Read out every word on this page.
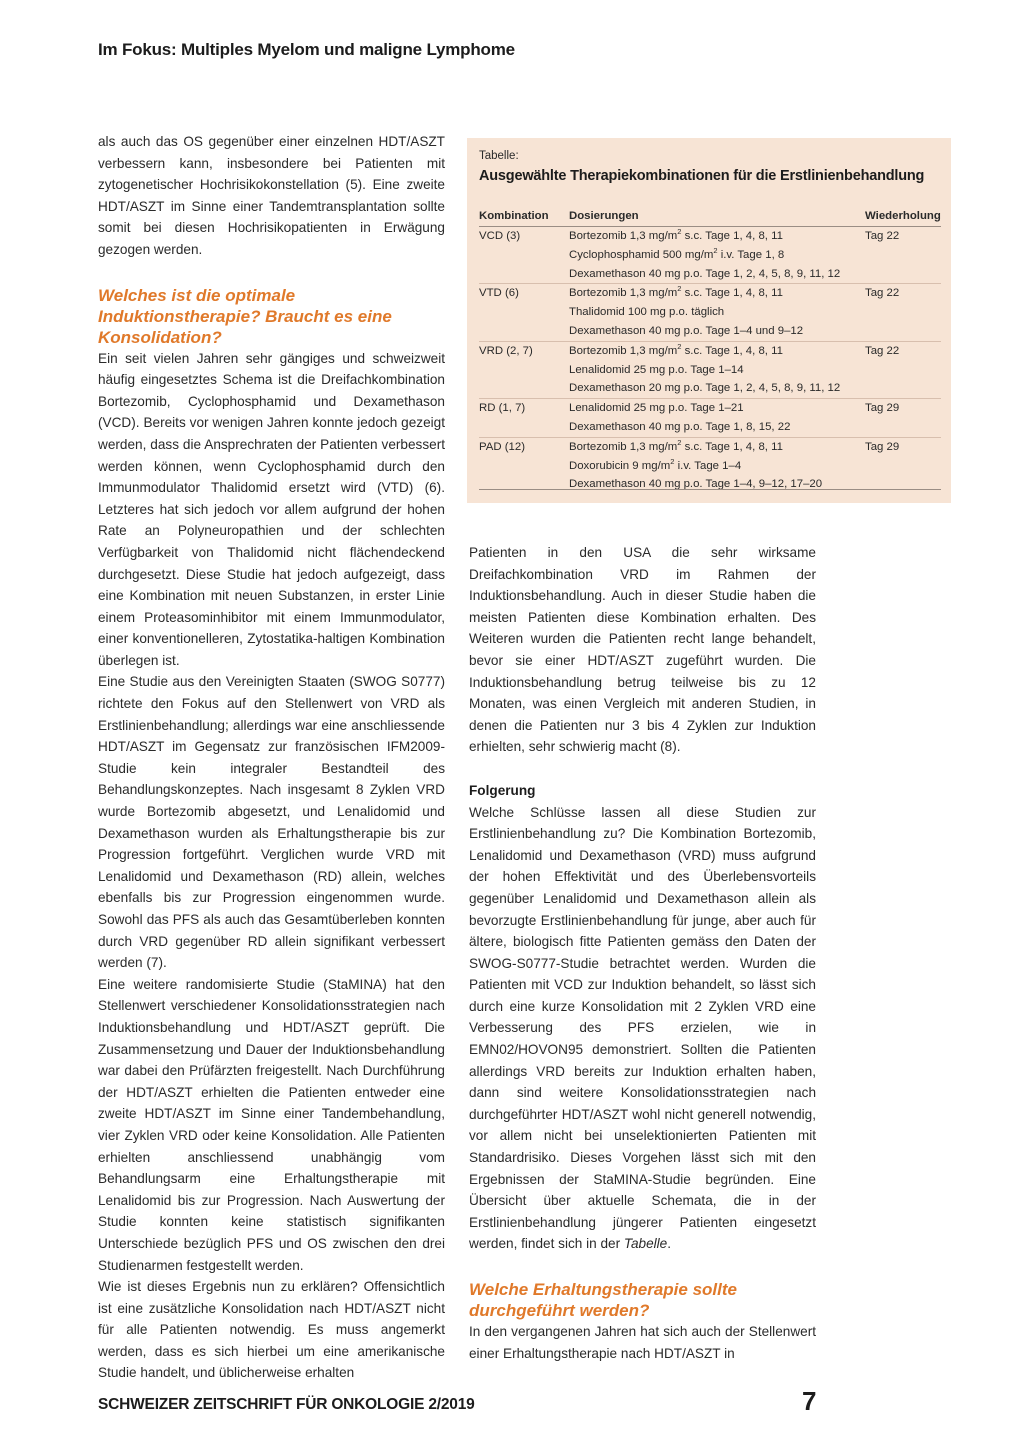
Im Fokus: Multiples Myelom und maligne Lymphome

als auch das OS gegenüber einer einzelnen HDT/ASZT verbessern kann, insbesondere bei Patienten mit zytogenetischer Hochrisikokonstellation (5). Eine zweite HDT/ASZT im Sinne einer Tandemtransplantation sollte somit bei diesen Hochrisikopatienten in Erwägung gezogen werden.

Welches ist die optimale Induktionstherapie? Braucht es eine Konsolidation?

Ein seit vielen Jahren sehr gängiges und schweizweit häufig eingesetztes Schema ist die Dreifachkombination Bortezomib, Cyclophosphamid und Dexamethason (VCD). Bereits vor wenigen Jahren konnte jedoch gezeigt werden, dass die Ansprechraten der Patienten verbessert werden können, wenn Cyclophosphamid durch den Immunmodulator Thalidomid ersetzt wird (VTD) (6). Letzteres hat sich jedoch vor allem aufgrund der hohen Rate an Polyneuropathien und der schlechten Verfügbarkeit von Thalidomid nicht flächendeckend durchgesetzt. Diese Studie hat jedoch aufgezeigt, dass eine Kombination mit neuen Substanzen, in erster Linie einem Proteasominhibitor mit einem Immunmodulator, einer konventionelleren, Zytostatika-haltigen Kombination überlegen ist.

Eine Studie aus den Vereinigten Staaten (SWOG S0777) richtete den Fokus auf den Stellenwert von VRD als Erstlinienbehandlung; allerdings war eine anschliessende HDT/ASZT im Gegensatz zur französischen IFM2009-Studie kein integraler Bestandteil des Behandlungskonzeptes. Nach insgesamt 8 Zyklen VRD wurde Bortezomib abgesetzt, und Lenalidomid und Dexamethason wurden als Erhaltungstherapie bis zur Progression fortgeführt. Verglichen wurde VRD mit Lenalidomid und Dexamethason (RD) allein, welches ebenfalls bis zur Progression eingenommen wurde. Sowohl das PFS als auch das Gesamtüberleben konnten durch VRD gegenüber RD allein signifikant verbessert werden (7).

Eine weitere randomisierte Studie (StaMINA) hat den Stellenwert verschiedener Konsolidationsstrategien nach Induktionsbehandlung und HDT/ASZT geprüft. Die Zusammensetzung und Dauer der Induktionsbehandlung war dabei den Prüfärzten freigestellt. Nach Durchführung der HDT/ASZT erhielten die Patienten entweder eine zweite HDT/ASZT im Sinne einer Tandembehandlung, vier Zyklen VRD oder keine Konsolidation. Alle Patienten erhielten anschliessend unabhängig vom Behandlungsarm eine Erhaltungstherapie mit Lenalidomid bis zur Progression. Nach Auswertung der Studie konnten keine statistisch signifikanten Unterschiede bezüglich PFS und OS zwischen den drei Studienarmen festgestellt werden.

Wie ist dieses Ergebnis nun zu erklären? Offensichtlich ist eine zusätzliche Konsolidation nach HDT/ASZT nicht für alle Patienten notwendig. Es muss angemerkt werden, dass es sich hierbei um eine amerikanische Studie handelt, und üblicherweise erhalten

Tabelle:
Ausgewählte Therapiekombinationen für die Erstlinienbehandlung
Kombination	Dosierungen	Wiederholung
VCD (3)	Bortezomib 1,3 $mg/m^2$ s.c. Tage 1, 4, 8, 11	Tag 22
	Cyclophosphamid 500 $mg/m^2$ i.v. Tage 1, 8	
	Dexamethason 40 mg p.o. Tage 1, 2, 4, 5, 8, 9, 11, 12	
VTD (6)	Bortezomib 1,3 $mg/m^2$ s.c. Tage 1, 4, 8, 11	Tag 22
	Thalidomid 100 mg p.o. täglich	
	Dexamethason 40 mg p.o. Tage 1–4 und 9–12	
VRD (2, 7)	Bortezomib 1,3 $mg/m^2$ s.c. Tage 1, 4, 8, 11	Tag 22
	Lenalidomid 25 mg p.o. Tage 1–14	
	Dexamethason 20 mg p.o. Tage 1, 2, 4, 5, 8, 9, 11, 12	
RD (1, 7)	Lenalidomid 25 mg p.o. Tage 1–21	Tag 29
	Dexamethason 40 mg p.o. Tage 1, 8, 15, 22	
PAD (12)	Bortezomib 1,3 $mg/m^2$ s.c. Tage 1, 4, 8, 11	Tag 29
	Doxorubicin 9 $mg/m^2$ i.v. Tage 1–4	
	Dexamethason 40 mg p.o. Tage 1–4, 9–12, 17–20	

Patienten in den USA die sehr wirksame Dreifachkombination VRD im Rahmen der Induktionsbehandlung. Auch in dieser Studie haben die meisten Patienten diese Kombination erhalten. Des Weiteren wurden die Patienten recht lange behandelt, bevor sie einer HDT/ASZT zugeführt wurden. Die Induktionsbehandlung betrug teilweise bis zu 12 Monaten, was einen Vergleich mit anderen Studien, in denen die Patienten nur 3 bis 4 Zyklen zur Induktion erhielten, sehr schwierig macht (8).

Folgerung

Welche Schlüsse lassen all diese Studien zur Erstlinienbehandlung zu? Die Kombination Bortezomib, Lenalidomid und Dexamethason (VRD) muss aufgrund der hohen Effektivität und des Überlebensvorteils gegenüber Lenalidomid und Dexamethason allein als bevorzugte Erstlinienbehandlung für junge, aber auch für ältere, biologisch fitte Patienten gemäss den Daten der SWOG-S0777-Studie betrachtet werden. Wurden die Patienten mit VCD zur Induktion behandelt, so lässt sich durch eine kurze Konsolidation mit 2 Zyklen VRD eine Verbesserung des PFS erzielen, wie in EMN02/HOVON95 demonstriert. Sollten die Patienten allerdings VRD bereits zur Induktion erhalten haben, dann sind weitere Konsolidationsstrategien nach durchgeführter HDT/ASZT wohl nicht generell notwendig, vor allem nicht bei unselektionierten Patienten mit Standardrisiko. Dieses Vorgehen lässt sich mit den Ergebnissen der StaMINA-Studie begründen. Eine Übersicht über aktuelle Schemata, die in der Erstlinienbehandlung jüngerer Patienten eingesetzt werden, findet sich in der Tabelle.

Welche Erhaltungstherapie sollte durchgeführt werden?

In den vergangenen Jahren hat sich auch der Stellenwert einer Erhaltungstherapie nach HDT/ASZT in

SCHWEIZER ZEITSCHRIFT FÜR ONKOLOGIE 2/2019	7
